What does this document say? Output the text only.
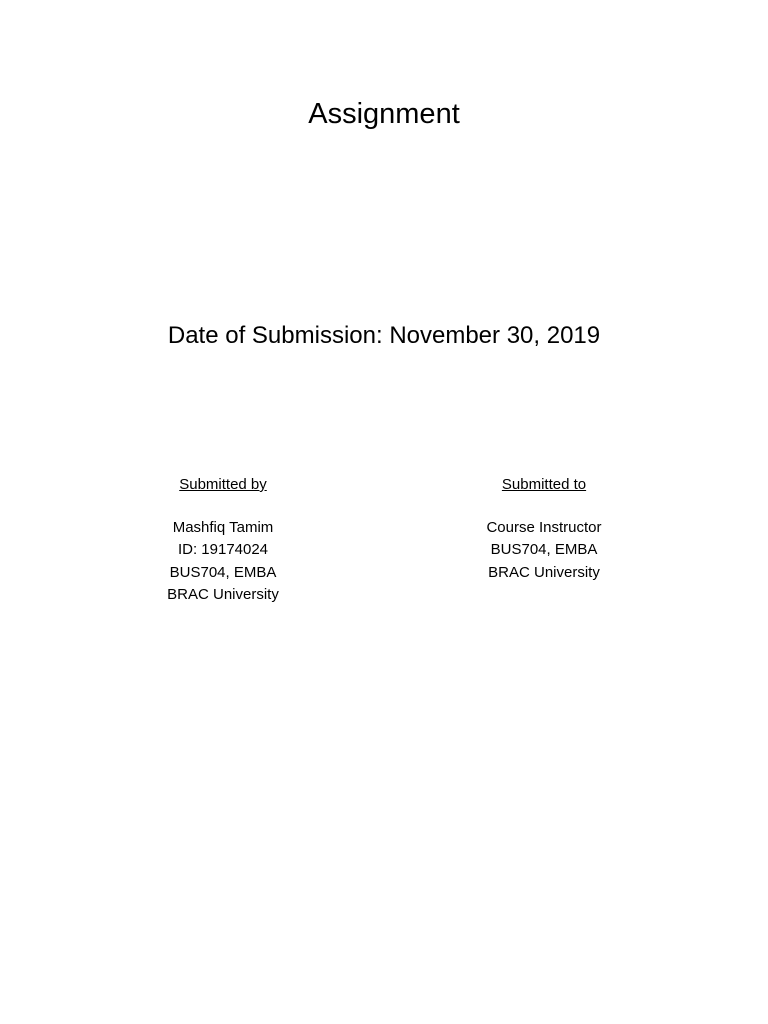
Assignment
Date of Submission: November 30, 2019
Submitted by
Mashfiq Tamim
ID: 19174024
BUS704, EMBA
BRAC University
Submitted to
Course Instructor
BUS704, EMBA
BRAC University
